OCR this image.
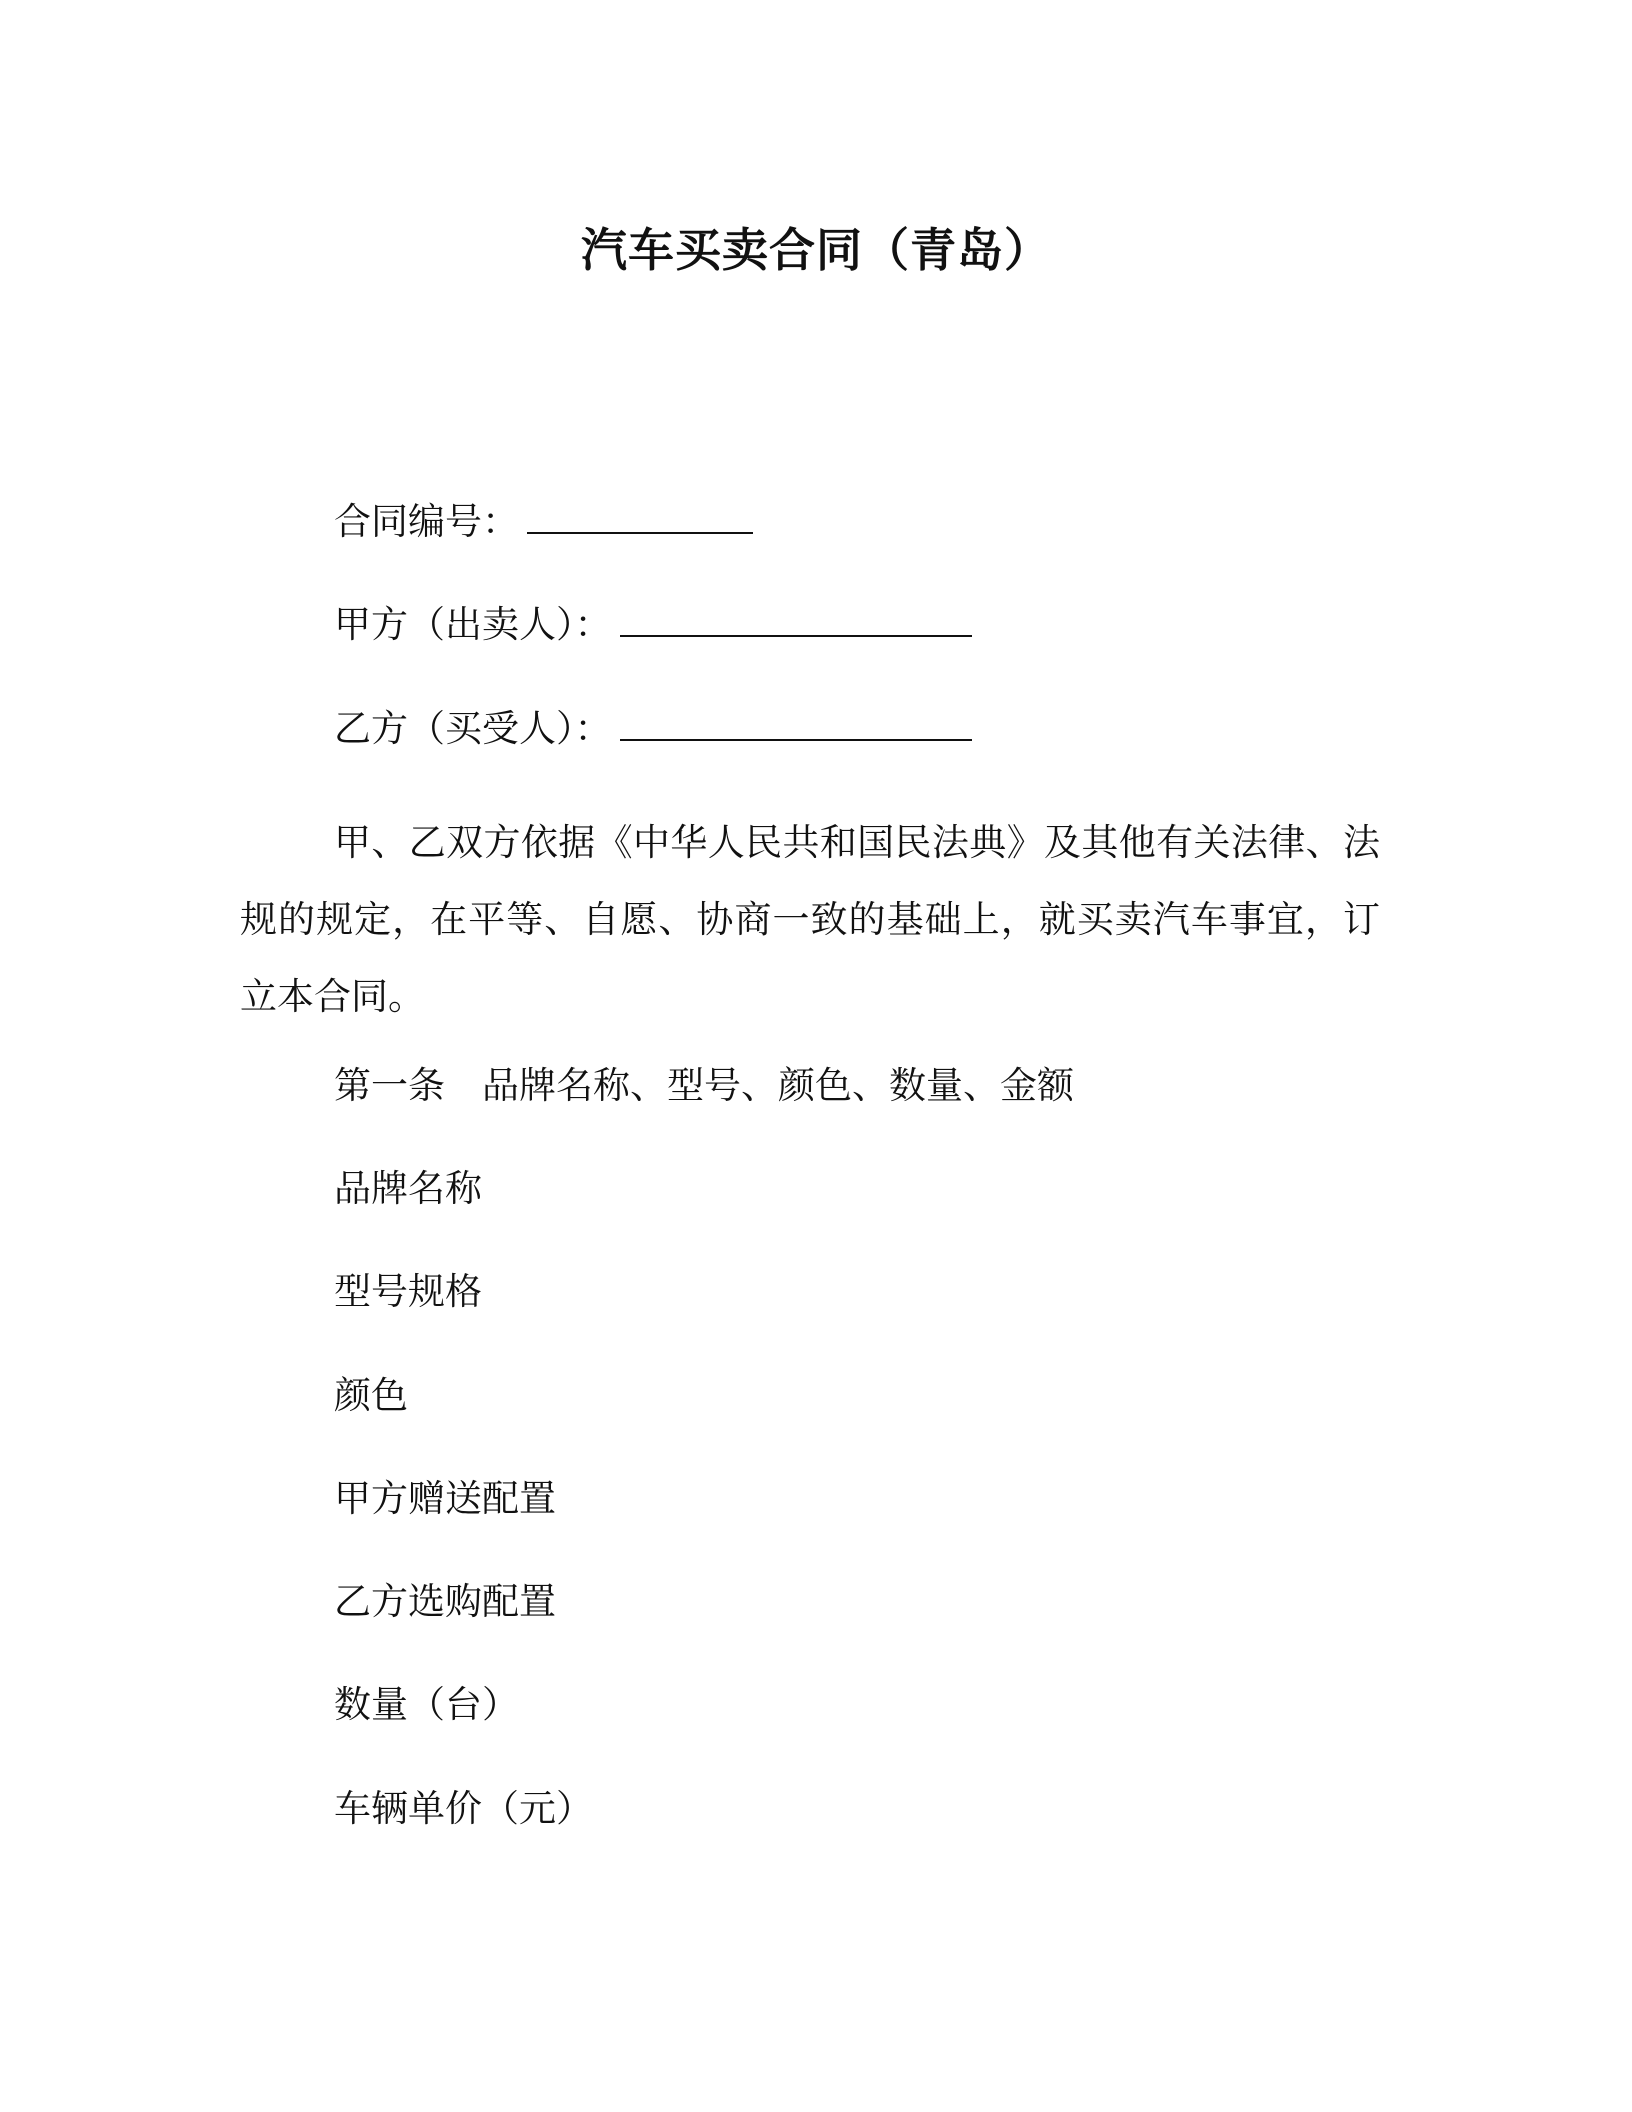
汽车买卖合同（青岛）
合同编号：
甲方（出卖人）：
乙方（买受人）：
甲、乙双方依据《中华人民共和国民法典》及其他有关法律、法规的规定，在平等、自愿、协商一致的基础上，就买卖汽车事宜，订立本合同。
第一条　品牌名称、型号、颜色、数量、金额
品牌名称
型号规格
颜色
甲方赠送配置
乙方选购配置
数量（台）
车辆单价（元）
